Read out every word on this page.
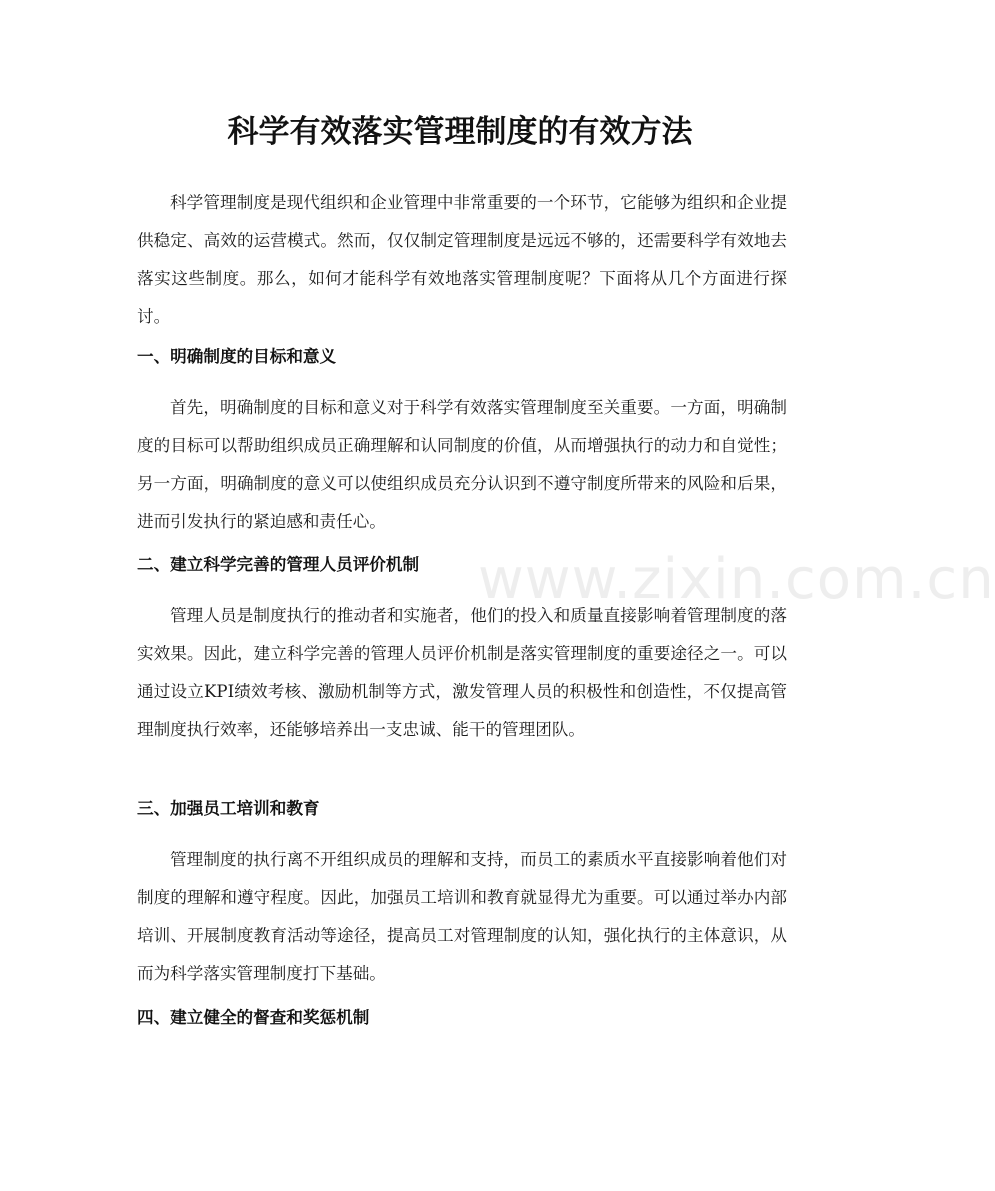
科学有效落实管理制度的有效方法

科学管理制度是现代组织和企业管理中非常重要的一个环节，它能够为组织和企业提供稳定、高效的运营模式。然而，仅仅制定管理制度是远远不够的，还需要科学有效地去落实这些制度。那么，如何才能科学有效地落实管理制度呢？下面将从几个方面进行探讨。

一、明确制度的目标和意义

首先，明确制度的目标和意义对于科学有效落实管理制度至关重要。一方面，明确制度的目标可以帮助组织成员正确理解和认同制度的价值，从而增强执行的动力和自觉性；另一方面，明确制度的意义可以使组织成员充分认识到不遵守制度所带来的风险和后果，进而引发执行的紧迫感和责任心。

二、建立科学完善的管理人员评价机制

管理人员是制度执行的推动者和实施者，他们的投入和质量直接影响着管理制度的落实效果。因此，建立科学完善的管理人员评价机制是落实管理制度的重要途径之一。可以通过设立KPI绩效考核、激励机制等方式，激发管理人员的积极性和创造性，不仅提高管理制度执行效率，还能够培养出一支忠诚、能干的管理团队。

三、加强员工培训和教育

管理制度的执行离不开组织成员的理解和支持，而员工的素质水平直接影响着他们对制度的理解和遵守程度。因此，加强员工培训和教育就显得尤为重要。可以通过举办内部培训、开展制度教育活动等途径，提高员工对管理制度的认知，强化执行的主体意识，从而为科学落实管理制度打下基础。

四、建立健全的督查和奖惩机制
www.zixin.com.cn
